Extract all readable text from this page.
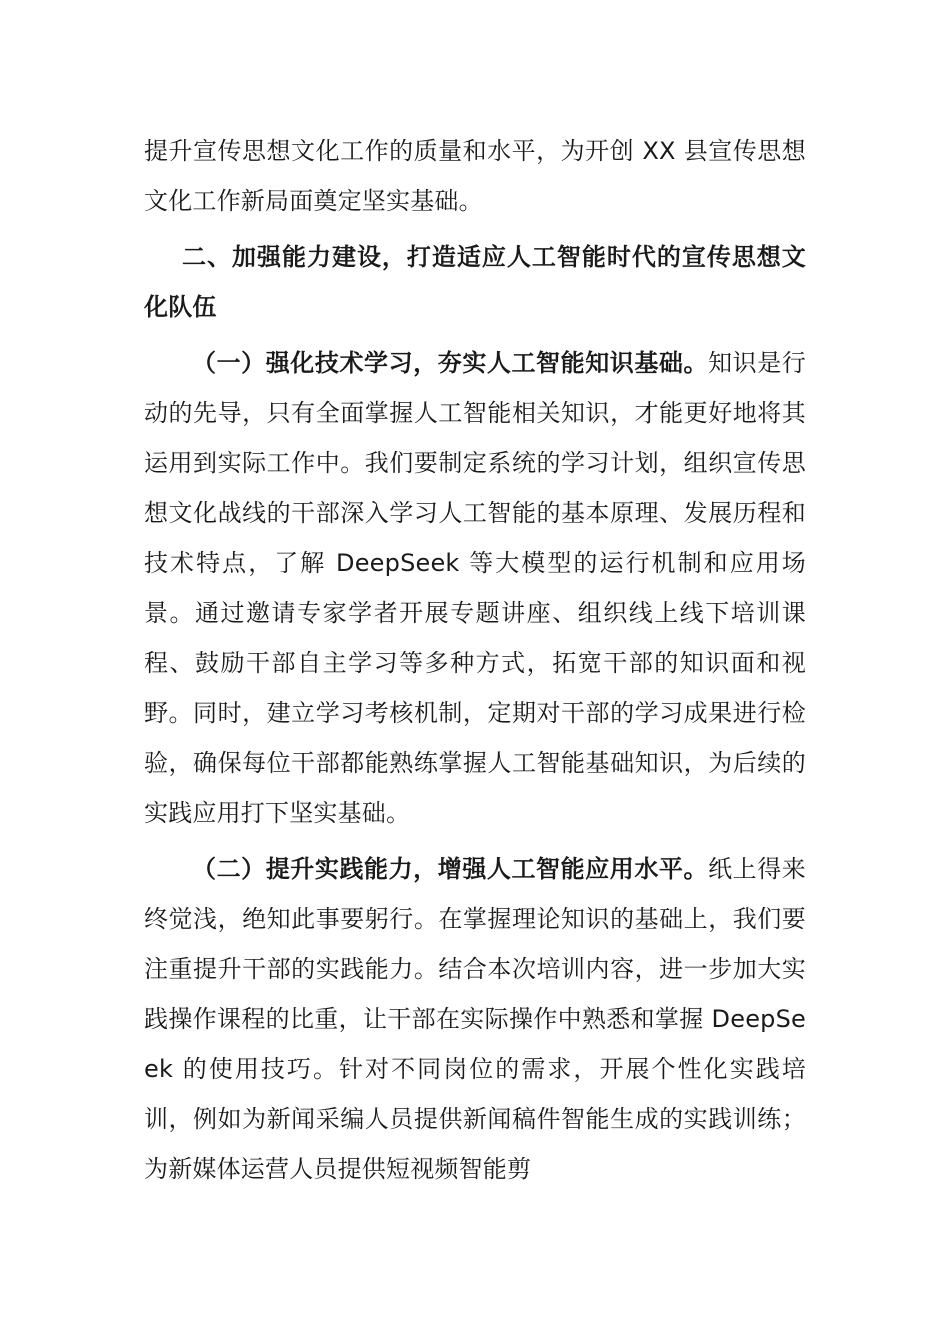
提升宣传思想文化工作的质量和水平，为开创 XX 县宣传思想文化工作新局面奠定坚实基础。

二、加强能力建设，打造适应人工智能时代的宣传思想文化队伍

（一）强化技术学习，夯实人工智能知识基础。知识是行动的先导，只有全面掌握人工智能相关知识，才能更好地将其运用到实际工作中。我们要制定系统的学习计划，组织宣传思想文化战线的干部深入学习人工智能的基本原理、发展历程和技术特点，了解 DeepSeek 等大模型的运行机制和应用场景。通过邀请专家学者开展专题讲座、组织线上线下培训课程、鼓励干部自主学习等多种方式，拓宽干部的知识面和视野。同时，建立学习考核机制，定期对干部的学习成果进行检验，确保每位干部都能熟练掌握人工智能基础知识，为后续的实践应用打下坚实基础。

（二）提升实践能力，增强人工智能应用水平。纸上得来终觉浅，绝知此事要躬行。在掌握理论知识的基础上，我们要注重提升干部的实践能力。结合本次培训内容，进一步加大实践操作课程的比重，让干部在实际操作中熟悉和掌握 DeepSeek 的使用技巧。针对不同岗位的需求，开展个性化实践培训，例如为新闻采编人员提供新闻稿件智能生成的实践训练；为新媒体运营人员提供短视频智能剪
